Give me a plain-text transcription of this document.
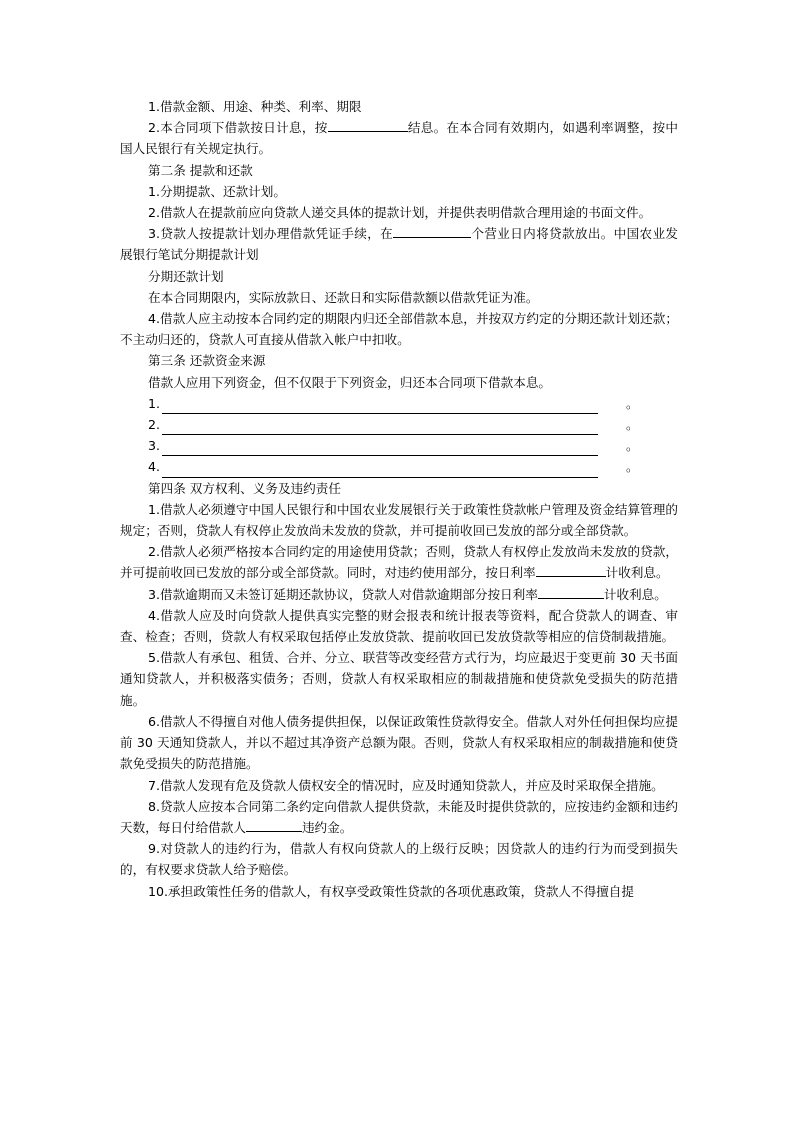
1.借款金额、用途、种类、利率、期限

2.本合同项下借款按日计息，按	结息。在本合同有效期内，如遇利率调整，按中国人民银行有关规定执行。

第二条 提款和还款

1.分期提款、还款计划。

2.借款人在提款前应向贷款人递交具体的提款计划，并提供表明借款合理用途的书面文件。

3.贷款人按提款计划办理借款凭证手续，在	个营业日内将贷款放出。中国农业发展银行笔试分期提款计划

分期还款计划

在本合同期限内，实际放款日、还款日和实际借款额以借款凭证为准。

4.借款人应主动按本合同约定的期限内归还全部借款本息，并按双方约定的分期还款计划还款；不主动归还的，贷款人可直接从借款入帐户中扣收。

第三条 还款资金来源

借款人应用下列资金，但不仅限于下列资金，归还本合同项下借款本息。

1.	。

2.	。

3.	。

4.	。

第四条 双方权利、义务及违约责任

1.借款人必须遵守中国人民银行和中国农业发展银行关于政策性贷款帐户管理及资金结算管理的规定；否则，贷款人有权停止发放尚未发放的贷款，并可提前收回已发放的部分或全部贷款。

2.借款人必须严格按本合同约定的用途使用贷款；否则，贷款人有权停止发放尚未发放的贷款，并可提前收回已发放的部分或全部贷款。同时，对违约使用部分，按日利率	计收利息。

3.借款逾期而又未签订延期还款协议，贷款人对借款逾期部分按日利率	计收利息。

4.借款人应及时向贷款人提供真实完整的财会报表和统计报表等资料，配合贷款人的调查、审查、检查；否则，贷款人有权采取包括停止发放贷款、提前收回已发放贷款等相应的信贷制裁措施。

5.借款人有承包、租赁、合并、分立、联营等改变经营方式行为，均应最迟于变更前 30 天书面通知贷款人，并积极落实债务；否则，贷款人有权采取相应的制裁措施和使贷款免受损失的防范措施。

6.借款人不得擅自对他人债务提供担保，以保证政策性贷款得安全。借款人对外任何担保均应提前 30 天通知贷款人，并以不超过其净资产总额为限。否则，贷款人有权采取相应的制裁措施和使贷款免受损失的防范措施。

7.借款人发现有危及贷款人债权安全的情况时，应及时通知贷款人，并应及时采取保全措施。

8.贷款人应按本合同第二条约定向借款人提供贷款，未能及时提供贷款的，应按违约金额和违约天数，每日付给借款人	违约金。

9.对贷款人的违约行为，借款人有权向贷款人的上级行反映；因贷款人的违约行为而受到损失的，有权要求贷款人给予赔偿。

10.承担政策性任务的借款人，有权享受政策性贷款的各项优惠政策，贷款人不得擅自提
